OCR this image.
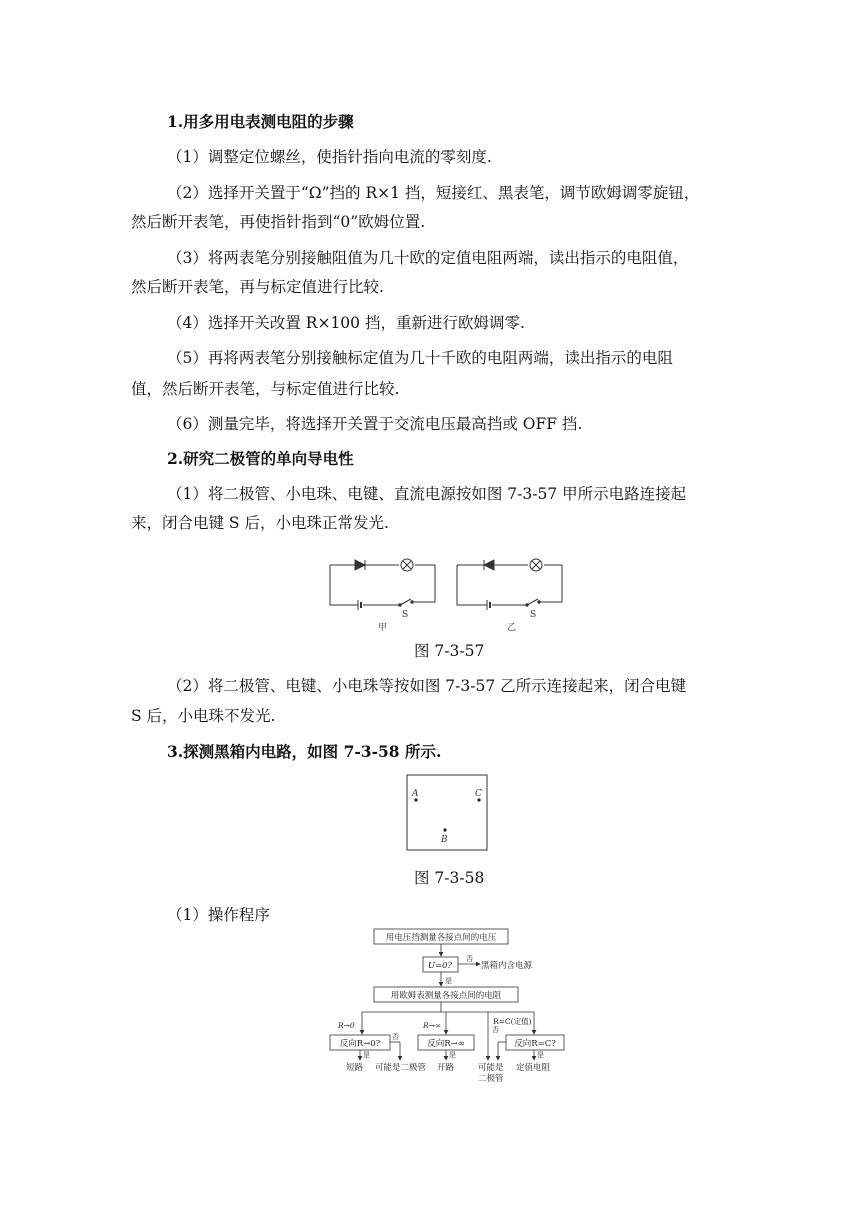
1.用多用电表测电阻的步骤
（1）调整定位螺丝，使指针指向电流的零刻度.
（2）选择开关置于“Ω”挡的 R×1 挡，短接红、黑表笔，调节欧姆调零旋钮，
然后断开表笔，再使指针指到“0”欧姆位置.
（3）将两表笔分别接触阻值为几十欧的定值电阻两端，读出指示的电阻值，
然后断开表笔，再与标定值进行比较.
（4）选择开关改置 R×100 挡，重新进行欧姆调零.
（5）再将两表笔分别接触标定值为几十千欧的电阻两端，读出指示的电阻
值，然后断开表笔，与标定值进行比较.
（6）测量完毕，将选择开关置于交流电压最高挡或 OFF 挡.
2.研究二极管的单向导电性
（1）将二极管、小电珠、电键、直流电源按如图 7-3-57 甲所示电路连接起
来，闭合电键 S 后，小电珠正常发光.
S	S
甲	乙
图 7-3-57
（2）将二极管、电键、小电珠等按如图 7-3-57 乙所示连接起来，闭合电键
S 后，小电珠不发光.
3.探测黑箱内电路，如图 7-3-58 所示.
A	C
B
图 7-3-58
（1）操作程序
用电压挡测量各接点间的电压
U=0?
否
黑箱内含电源
是
用欧姆表测量各接点间的电阻
R→0	R→∞	R=C(定值)
否
否
反向R→0?	反向R→∞	反向R=C?
是	是	是
短路 可能是二极管 开路	可能是
二极管
定值电阻
